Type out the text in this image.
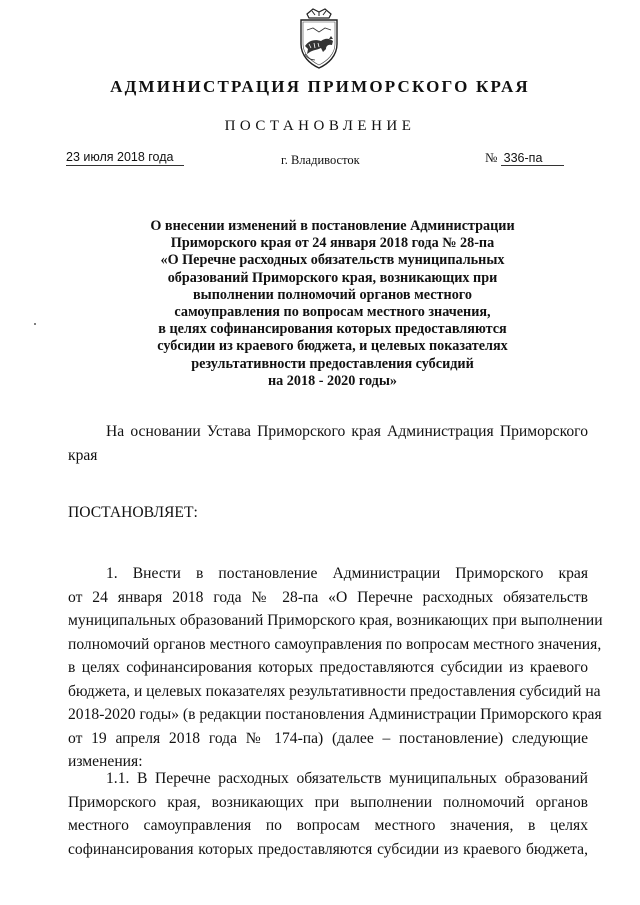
АДМИНИСТРАЦИЯ ПРИМОРСКОГО КРАЯ
ПОСТАНОВЛЕНИЕ
23 июля 2018 года	г. Владивосток	№ 336-па
О внесении изменений в постановление Администрации
Приморского края от 24 января 2018 года № 28-па
«О Перечне расходных обязательств муниципальных
образований Приморского края, возникающих при
выполнении полномочий органов местного
самоуправления по вопросам местного значения,
в целях софинансирования которых предоставляются
субсидии из краевого бюджета, и целевых показателях
результативности предоставления субсидий
на 2018 - 2020 годы»
На основании Устава Приморского края Администрация Приморского
края
ПОСТАНОВЛЯЕТ:
1. Внести в постановление Администрации Приморского края
от 24 января 2018 года № 28-па «О Перечне расходных обязательств
муниципальных образований Приморского края, возникающих при выполнении
полномочий органов местного самоуправления по вопросам местного значения,
в целях софинансирования которых предоставляются субсидии из краевого
бюджета, и целевых показателях результативности предоставления субсидий на
2018-2020 годы» (в редакции постановления Администрации Приморского края
от 19 апреля 2018 года № 174-па) (далее – постановление) следующие
изменения:
1.1. В Перечне расходных обязательств муниципальных образований
Приморского края, возникающих при выполнении полномочий органов
местного самоуправления по вопросам местного значения, в целях
софинансирования которых предоставляются субсидии из краевого бюджета,
